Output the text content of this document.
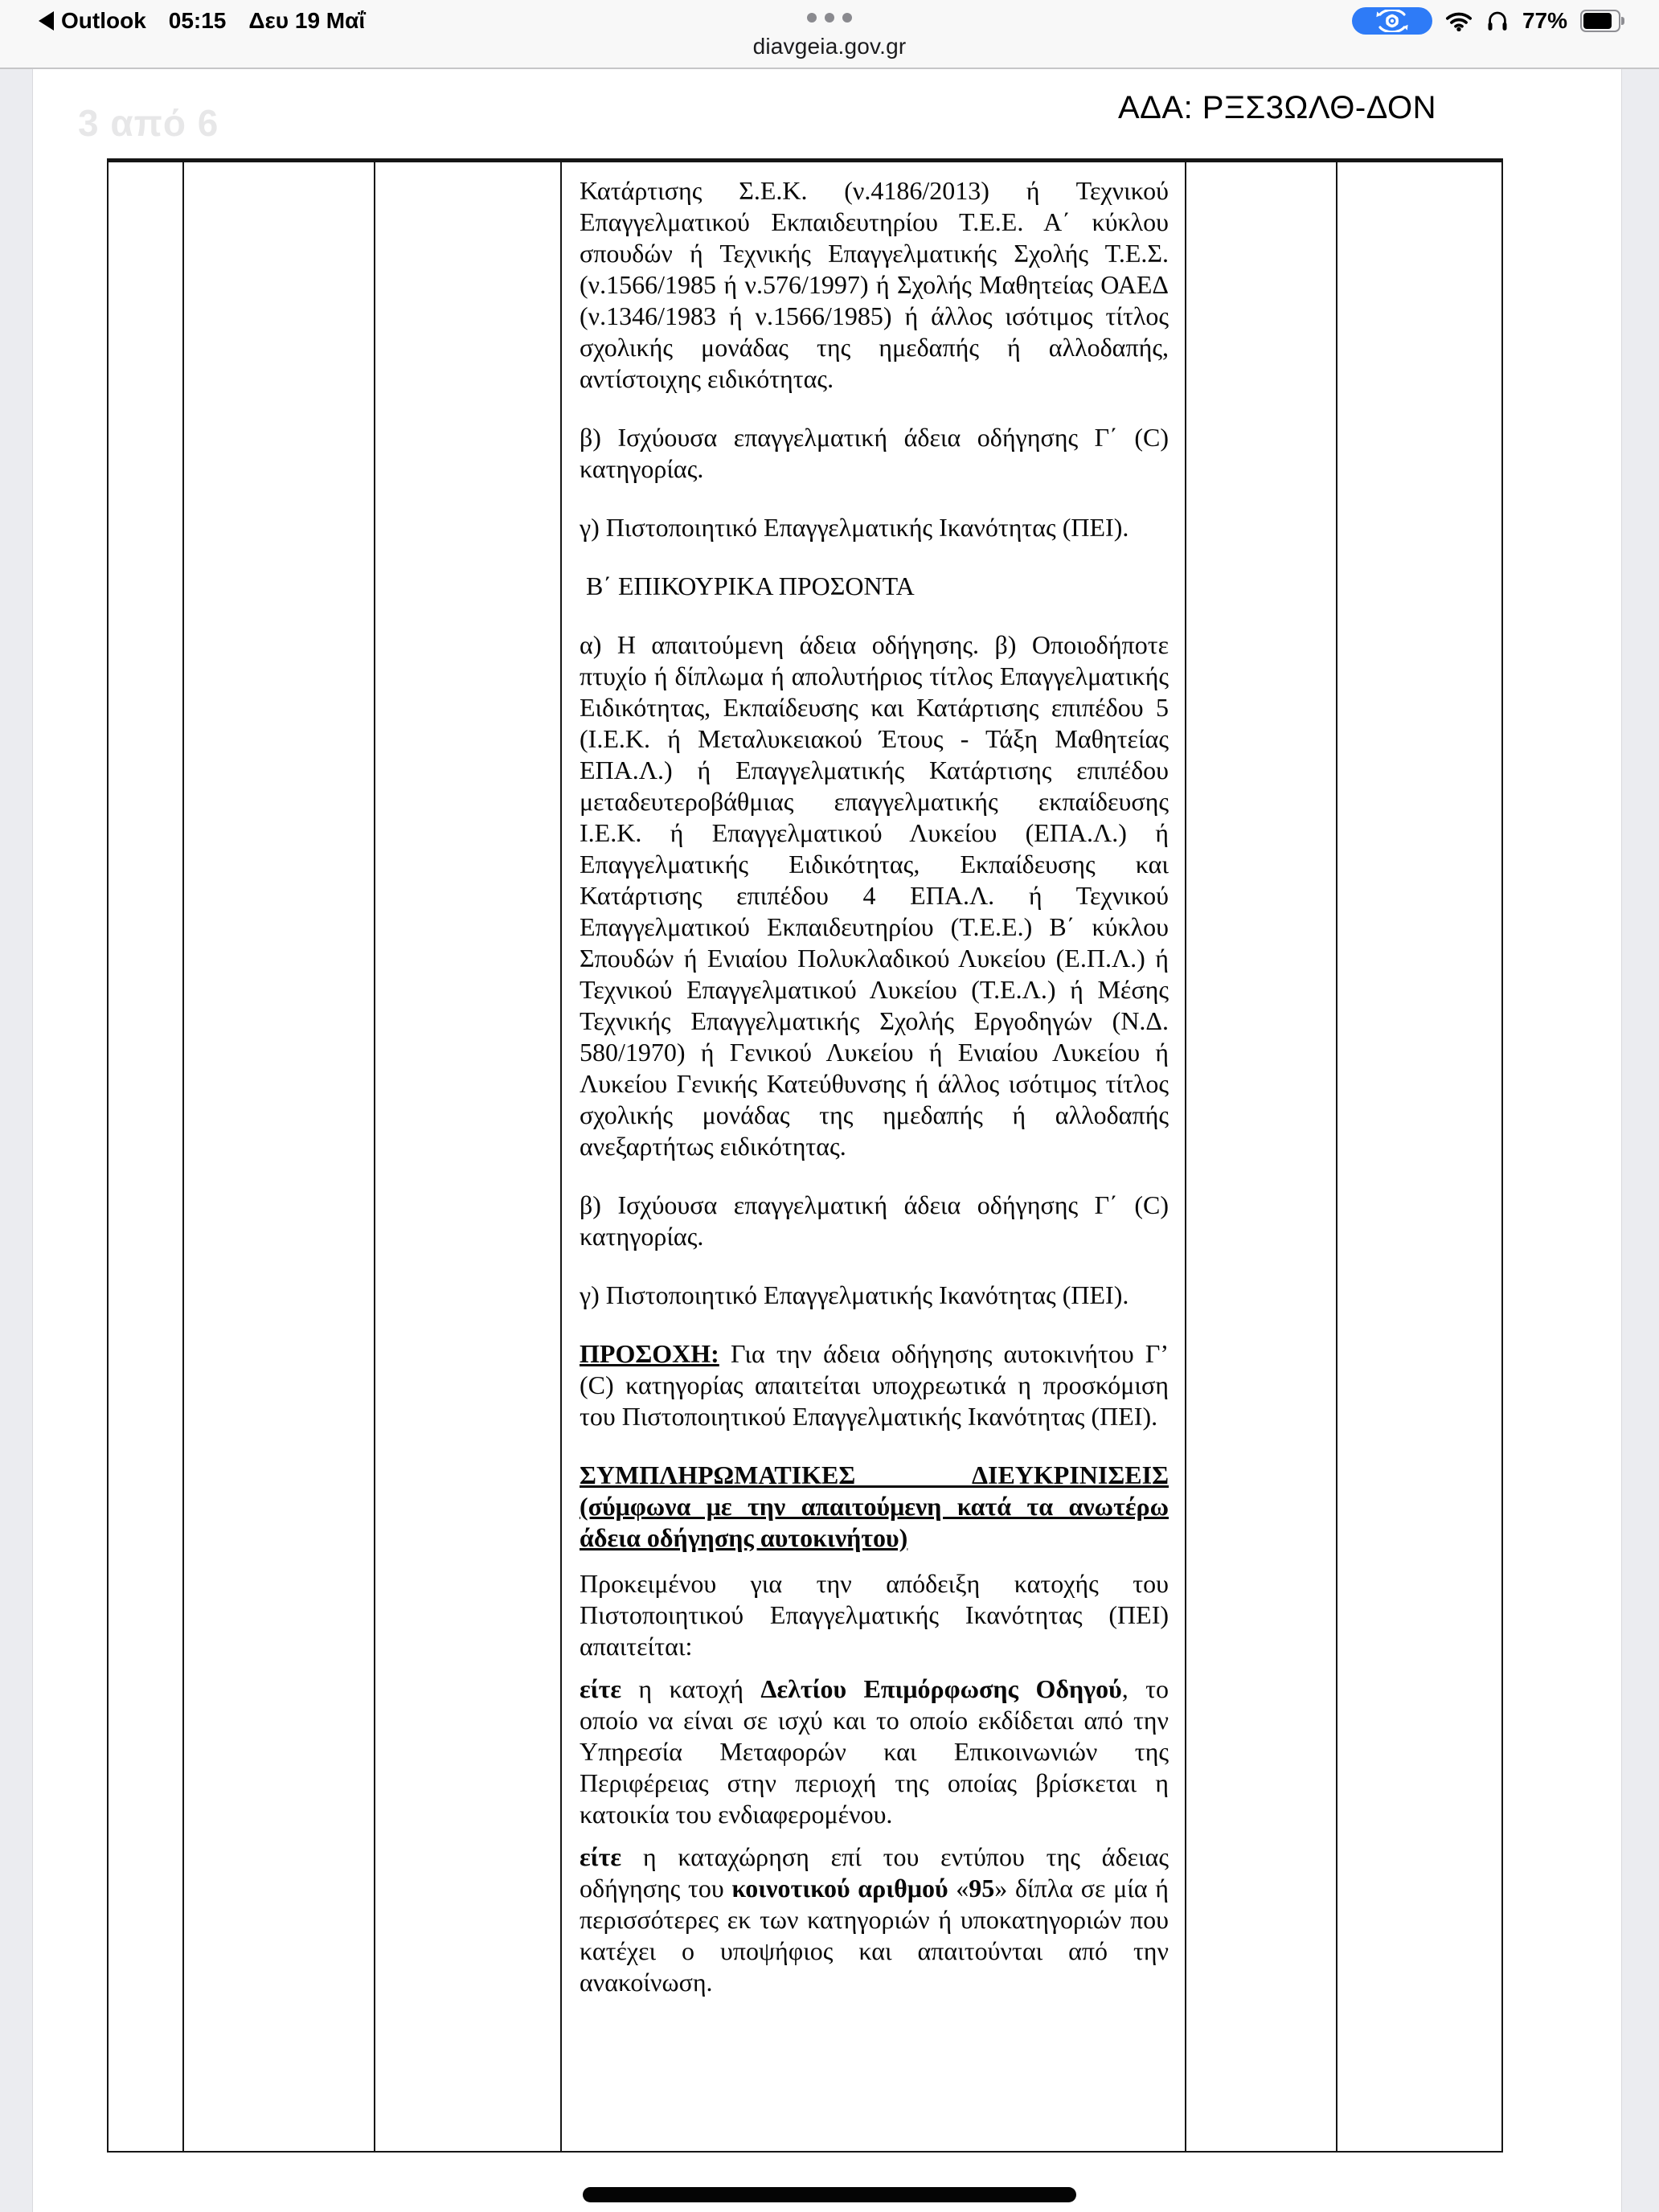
Outlook 05:15 Δευ 19 Μαΐ
diavgeia.gov.gr
77%
3 από 6	ΑΔΑ: ΡΞΣ3ΩΛΘ-ΔΟΝ

Κατάρτισης Σ.Ε.Κ. (ν.4186/2013) ή Τεχνικού Επαγγελματικού Εκπαιδευτηρίου Τ.Ε.Ε. Α΄ κύκλου σπουδών ή Τεχνικής Επαγγελματικής Σχολής Τ.Ε.Σ. (ν.1566/1985 ή ν.576/1997) ή Σχολής Μαθητείας ΟΑΕΔ (ν.1346/1983 ή ν.1566/1985) ή άλλος ισότιμος τίτλος σχολικής μονάδας της ημεδαπής ή αλλοδαπής, αντίστοιχης ειδικότητας.

β) Ισχύουσα επαγγελματική άδεια οδήγησης Γ΄ (C) κατηγορίας.

γ) Πιστοποιητικό Επαγγελματικής Ικανότητας (ΠΕΙ).

Β΄ ΕΠΙΚΟΥΡΙΚΑ ΠΡΟΣΟΝΤΑ

α) Η απαιτούμενη άδεια οδήγησης. β) Οποιοδήποτε πτυχίο ή δίπλωμα ή απολυτήριος τίτλος Επαγγελματικής Ειδικότητας, Εκπαίδευσης και Κατάρτισης επιπέδου 5 (Ι.Ε.Κ. ή Μεταλυκειακού Έτους - Τάξη Μαθητείας ΕΠΑ.Λ.) ή Επαγγελματικής Κατάρτισης επιπέδου μεταδευτεροβάθμιας επαγγελματικής εκπαίδευσης Ι.Ε.Κ. ή Επαγγελματικού Λυκείου (ΕΠΑ.Λ.) ή Επαγγελματικής Ειδικότητας, Εκπαίδευσης και Κατάρτισης επιπέδου 4 ΕΠΑ.Λ. ή Τεχνικού Επαγγελματικού Εκπαιδευτηρίου (Τ.Ε.Ε.) Β΄ κύκλου Σπουδών ή Ενιαίου Πολυκλαδικού Λυκείου (Ε.Π.Λ.) ή Τεχνικού Επαγγελματικού Λυκείου (Τ.Ε.Λ.) ή Μέσης Τεχνικής Επαγγελματικής Σχολής Εργοδηγών (Ν.Δ. 580/1970) ή Γενικού Λυκείου ή Ενιαίου Λυκείου ή Λυκείου Γενικής Κατεύθυνσης ή άλλος ισότιμος τίτλος σχολικής μονάδας της ημεδαπής ή αλλοδαπής ανεξαρτήτως ειδικότητας.

β) Ισχύουσα επαγγελματική άδεια οδήγησης Γ΄ (C) κατηγορίας.

γ) Πιστοποιητικό Επαγγελματικής Ικανότητας (ΠΕΙ).

ΠΡΟΣΟΧΗ: Για την άδεια οδήγησης αυτοκινήτου Γ’ (C) κατηγορίας απαιτείται υποχρεωτικά η προσκόμιση του Πιστοποιητικού Επαγγελματικής Ικανότητας (ΠΕΙ).

ΣΥΜΠΛΗΡΩΜΑΤΙΚΕΣ ΔΙΕΥΚΡΙΝΙΣΕΙΣ (σύμφωνα με την απαιτούμενη κατά τα ανωτέρω άδεια οδήγησης αυτοκινήτου)

Προκειμένου για την απόδειξη κατοχής του Πιστοποιητικού Επαγγελματικής Ικανότητας (ΠΕΙ) απαιτείται:

είτε η κατοχή Δελτίου Επιμόρφωσης Οδηγού, το οποίο να είναι σε ισχύ και το οποίο εκδίδεται από την Υπηρεσία Μεταφορών και Επικοινωνιών της Περιφέρειας στην περιοχή της οποίας βρίσκεται η κατοικία του ενδιαφερομένου.

είτε η καταχώρηση επί του εντύπου της άδειας οδήγησης του κοινοτικού αριθμού «95» δίπλα σε μία ή περισσότερες εκ των κατηγοριών ή υποκατηγοριών που κατέχει ο υποψήφιος και απαιτούνται από την ανακοίνωση.
